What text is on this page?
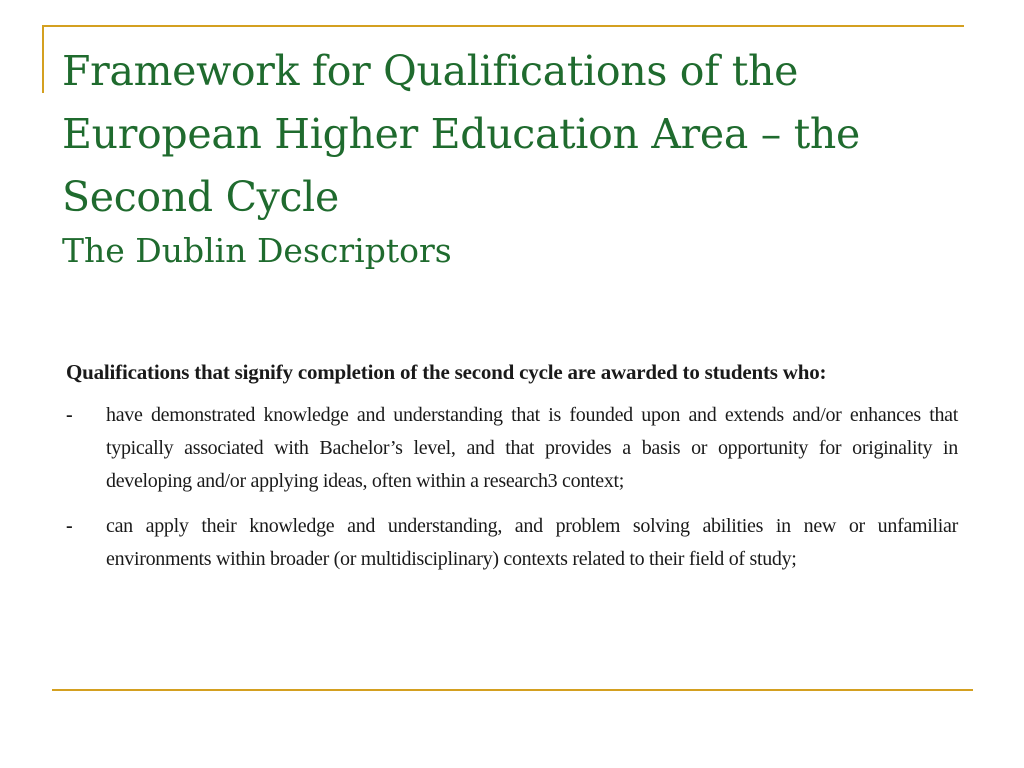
Framework for Qualifications of the European Higher Education Area – the Second Cycle
The Dublin Descriptors

Qualifications that signify completion of the second cycle are awarded to students who:

-	have demonstrated knowledge and understanding that is founded upon and extends and/or enhances that typically associated with Bachelor’s level, and that provides a basis or opportunity for originality in developing and/or applying ideas, often within a research3 context;
-	can apply their knowledge and understanding, and problem solving abilities in new or unfamiliar environments within broader (or multidisciplinary) contexts related to their field of study;
